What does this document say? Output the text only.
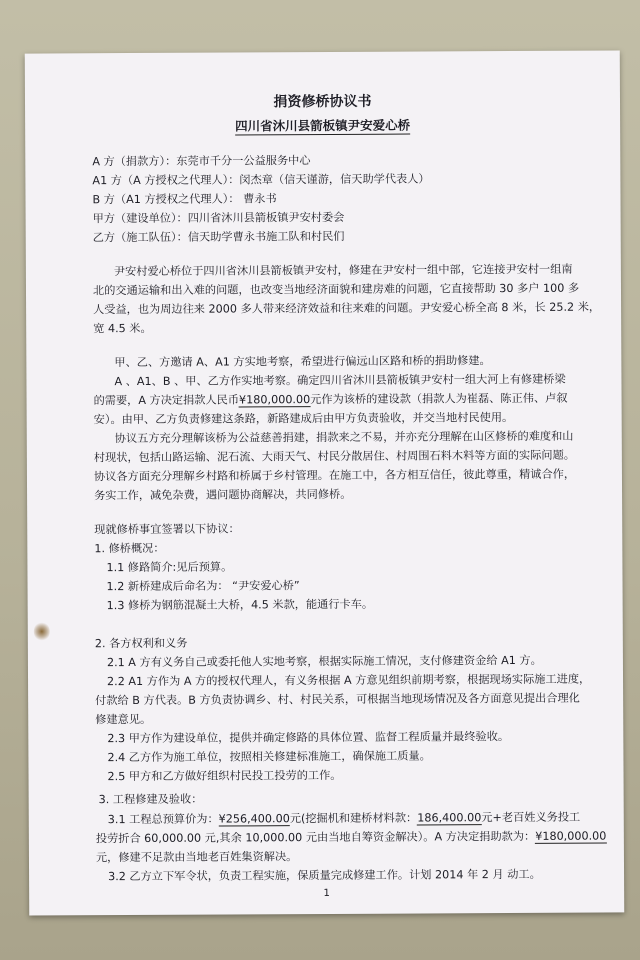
捐资修桥协议书
四川省沐川县箭板镇尹安爱心桥
A 方（捐款方）：东莞市千分一公益服务中心
A1 方（A 方授权之代理人）：闵杰章（信天谨游，信天助学代表人）
B 方（A1 方授权之代理人）： 曹永书
甲方（建设单位）：四川省沐川县箭板镇尹安村委会
乙方（施工队伍）：信天助学曹永书施工队和村民们
尹安村爱心桥位于四川省沐川县箭板镇尹安村，修建在尹安村一组中部，它连接尹安村一组南
北的交通运输和出入难的问题，也改变当地经济面貌和建房难的问题，它直接帮助 30 多户 100 多
人受益，也为周边往来 2000 多人带来经济效益和往来难的问题。尹安爱心桥全高 8 米，长 25.2 米，
宽 4.5 米。
甲、乙、方邀请 A、A1 方实地考察，希望进行偏远山区路和桥的捐助修建。
A 、A1、B 、甲、乙方作实地考察。确定四川省沐川县箭板镇尹安村一组大河上有修建桥梁
的需要，A 方决定捐款人民币¥180,000.00元作为该桥的建设款（捐款人为崔磊、陈正伟、卢叙
安）。由甲、乙方负责修建这条路，新路建成后由甲方负责验收，并交当地村民使用。
协议五方充分理解该桥为公益慈善捐建，捐款来之不易，并亦充分理解在山区修桥的难度和山
村现状，包括山路运输、泥石流、大雨天气、村民分散居住、村周围石料木料等方面的实际问题。
协议各方面充分理解乡村路和桥属于乡村管理。在施工中，各方相互信任，彼此尊重，精诚合作，
务实工作，减免杂费，遇问题协商解决，共同修桥。
现就修桥事宜签署以下协议：
1. 修桥概况：
1.1 修路简介:见后预算。
1.2 新桥建成后命名为： “尹安爱心桥”
1.3 修桥为钢筋混凝土大桥，4.5 米款，能通行卡车。
2. 各方权利和义务
2.1 A 方有义务自己或委托他人实地考察，根据实际施工情况，支付修建资金给 A1 方。
2.2 A1 方作为 A 方的授权代理人，有义务根据 A 方意见组织前期考察，根据现场实际施工进度，
付款给 B 方代表。B 方负责协调乡、村、村民关系，可根据当地现场情况及各方面意见提出合理化
修建意见。
2.3 甲方作为建设单位，提供并确定修路的具体位置、监督工程质量并最终验收。
2.4 乙方作为施工单位，按照相关修建标准施工，确保施工质量。
2.5 甲方和乙方做好组织村民投工投劳的工作。
3. 工程修建及验收：
3.1 工程总预算价为：¥256,400.00元(挖掘机和建桥材料款：186,400.00元+老百姓义务投工
投劳折合 60,000.00 元,其余 10,000.00 元由当地自筹资金解决）。A 方决定捐助款为：¥180,000.00
元，修建不足款由当地老百姓集资解决。
3.2 乙方立下军令状，负责工程实施，保质量完成修建工作。计划 2014 年 2 月 动工。
1
